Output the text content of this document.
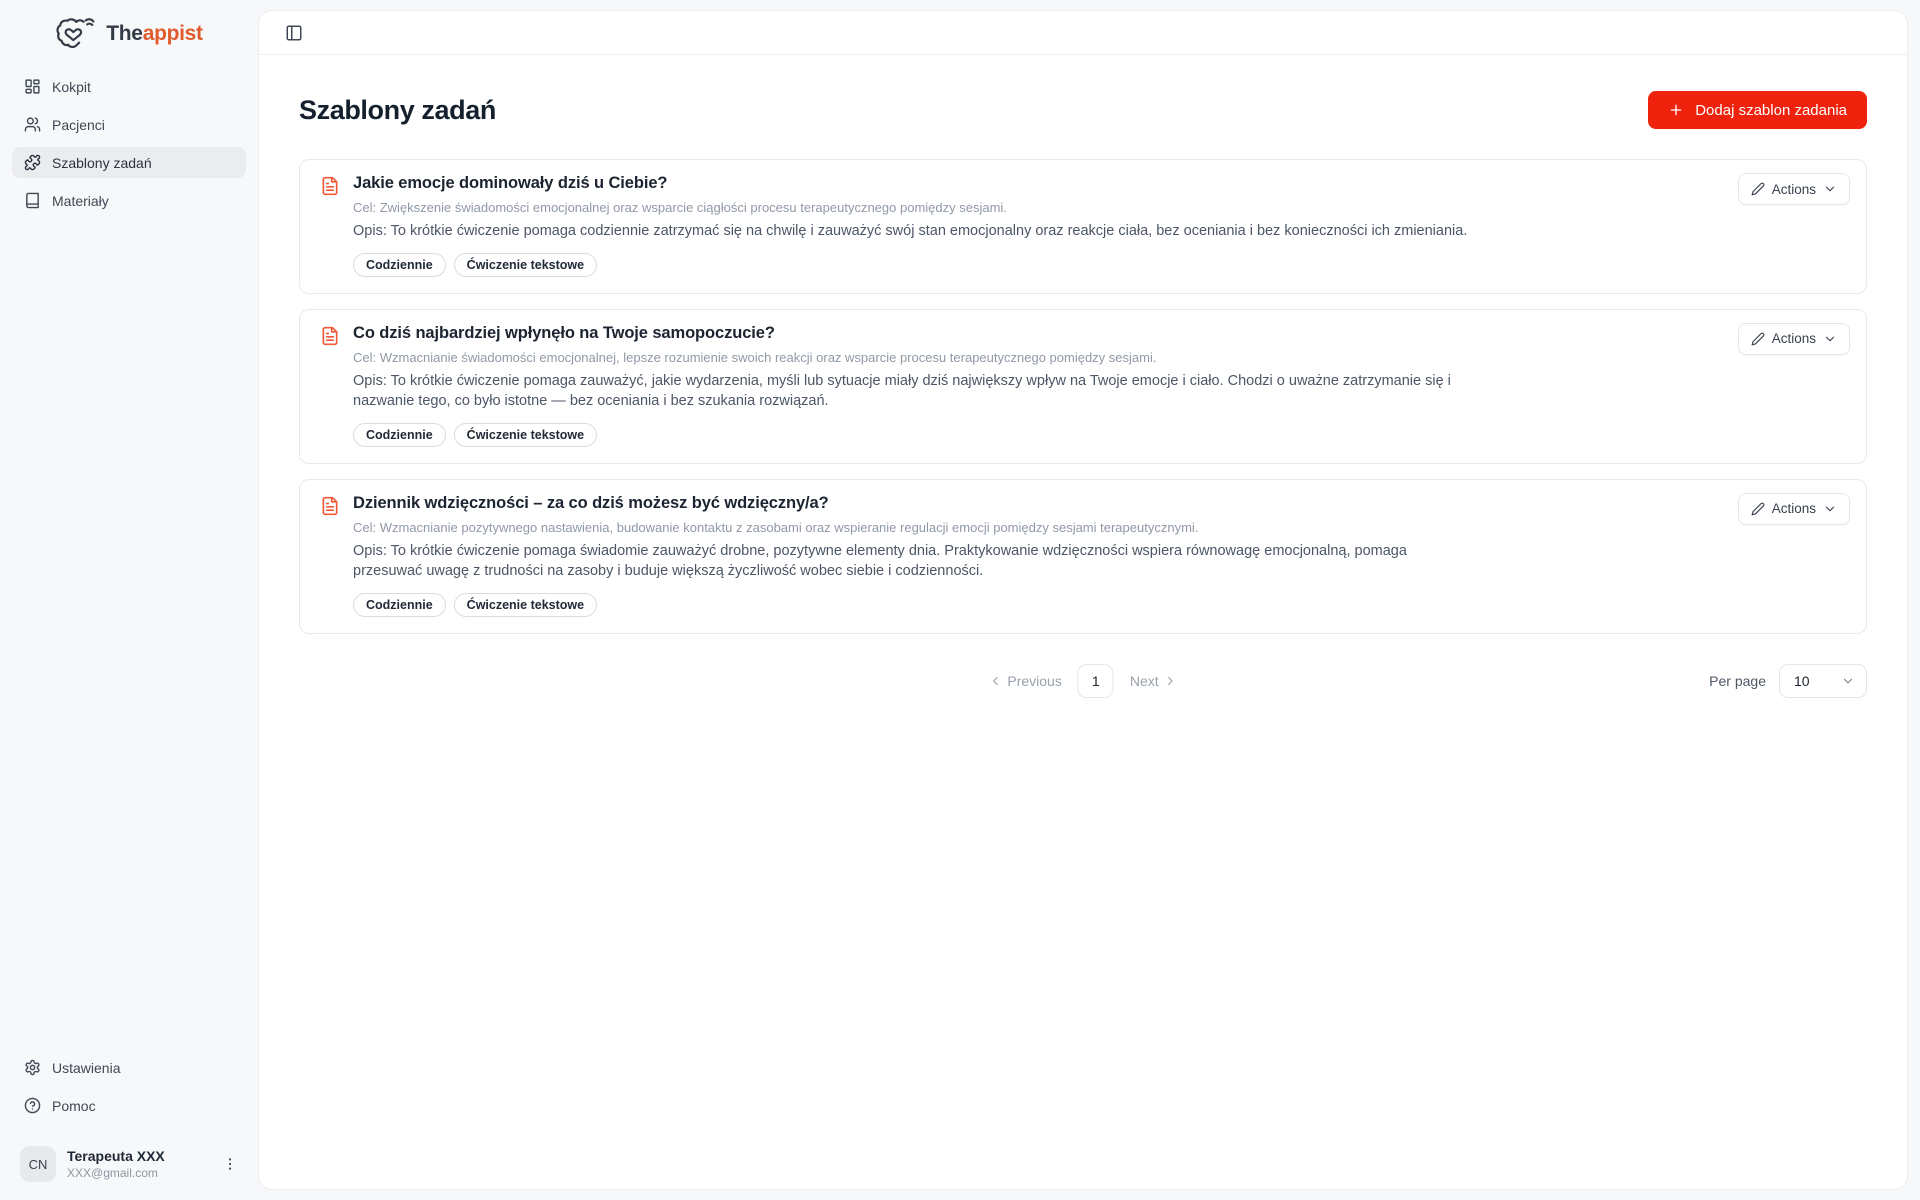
Theappist
Kokpit
Pacjenci
Szablony zadań
Materiały
Ustawienia
Pomoc
CN	Terapeuta XXX
XXX@gmail.com
Szablony zadań	Dodaj szablon zadania
Jakie emocje dominowały dziś u Ciebie?

Cel: Zwiększenie świadomości emocjonalnej oraz wsparcie ciągłości procesu terapeutycznego pomiędzy sesjami.

Opis: To krótkie ćwiczenie pomaga codziennie zatrzymać się na chwilę i zauważyć swój stan emocjonalny oraz reakcje ciała, bez oceniania i bez konieczności ich zmieniania.

Codziennie	Ćwiczenie tekstowe
Actions
Co dziś najbardziej wpłynęło na Twoje samopoczucie?

Cel: Wzmacnianie świadomości emocjonalnej, lepsze rozumienie swoich reakcji oraz wsparcie procesu terapeutycznego pomiędzy sesjami.

Opis: To krótkie ćwiczenie pomaga zauważyć, jakie wydarzenia, myśli lub sytuacje miały dziś największy wpływ na Twoje emocje i ciało. Chodzi o uważne zatrzymanie się i nazwanie tego, co było istotne — bez oceniania i bez szukania rozwiązań.

Codziennie	Ćwiczenie tekstowe
Actions
Dziennik wdzięczności – za co dziś możesz być wdzięczny/a?

Cel: Wzmacnianie pozytywnego nastawienia, budowanie kontaktu z zasobami oraz wspieranie regulacji emocji pomiędzy sesjami terapeutycznymi.

Opis: To krótkie ćwiczenie pomaga świadomie zauważyć drobne, pozytywne elementy dnia. Praktykowanie wdzięczności wspiera równowagę emocjonalną, pomaga przesuwać uwagę z trudności na zasoby i buduje większą życzliwość wobec siebie i codzienności.

Codziennie	Ćwiczenie tekstowe
Actions
Previous	1	Next	Per page 10
